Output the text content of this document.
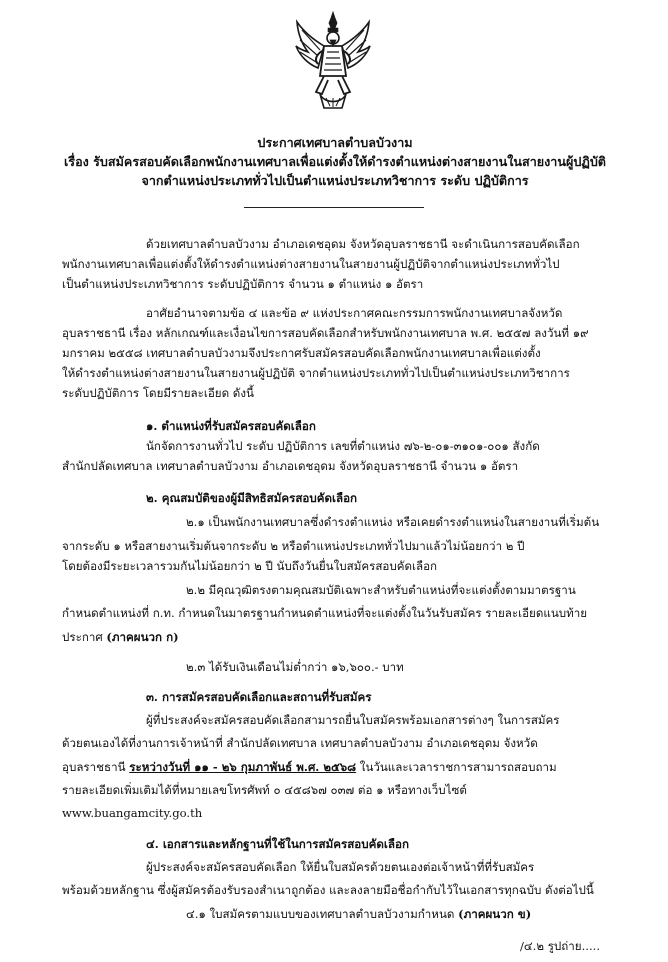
ประกาศเทศบาลตำบลบัวงาม
เรื่อง รับสมัครสอบคัดเลือกพนักงานเทศบาลเพื่อแต่งตั้งให้ดำรงตำแหน่งต่างสายงานในสายงานผู้ปฏิบัติ
จากตำแหน่งประเภททั่วไปเป็นตำแหน่งประเภทวิชาการ ระดับ ปฏิบัติการ
ด้วยเทศบาลตำบลบัวงาม อำเภอเดชอุดม จังหวัดอุบลราชธานี จะดำเนินการสอบคัดเลือก
พนักงานเทศบาลเพื่อแต่งตั้งให้ดำรงตำแหน่งต่างสายงานในสายงานผู้ปฏิบัติจากตำแหน่งประเภททั่วไป
เป็นตำแหน่งประเภทวิชาการ ระดับปฏิบัติการ จำนวน ๑ ตำแหน่ง ๑ อัตรา
อาศัยอำนาจตามข้อ ๔ และข้อ ๙ แห่งประกาศคณะกรรมการพนักงานเทศบาลจังหวัด
อุบลราชธานี เรื่อง หลักเกณฑ์และเงื่อนไขการสอบคัดเลือกสำหรับพนักงานเทศบาล พ.ศ. ๒๕๕๗ ลงวันที่ ๑๙
มกราคม ๒๕๕๘ เทศบาลตำบลบัวงามจึงประกาศรับสมัครสอบคัดเลือกพนักงานเทศบาลเพื่อแต่งตั้ง
ให้ดำรงตำแหน่งต่างสายงานในสายงานผู้ปฏิบัติ จากตำแหน่งประเภททั่วไปเป็นตำแหน่งประเภทวิชาการ
ระดับปฏิบัติการ โดยมีรายละเอียด ดังนี้
๑. ตำแหน่งที่รับสมัครสอบคัดเลือก
นักจัดการงานทั่วไป ระดับ ปฏิบัติการ เลขที่ตำแหน่ง ๗๖-๒-๐๑-๓๑๐๑-๐๐๑ สังกัด
สำนักปลัดเทศบาล เทศบาลตำบลบัวงาม อำเภอเดชอุดม จังหวัดอุบลราชธานี จำนวน ๑ อัตรา
๒. คุณสมบัติของผู้มีสิทธิสมัครสอบคัดเลือก
๒.๑ เป็นพนักงานเทศบาลซึ่งดำรงตำแหน่ง หรือเคยดำรงตำแหน่งในสายงานที่เริ่มต้น
จากระดับ ๑ หรือสายงานเริ่มต้นจากระดับ ๒ หรือตำแหน่งประเภททั่วไปมาแล้วไม่น้อยกว่า ๒ ปี
โดยต้องมีระยะเวลารวมกันไม่น้อยกว่า ๒ ปี นับถึงวันยื่นใบสมัครสอบคัดเลือก
๒.๒ มีคุณวุฒิตรงตามคุณสมบัติเฉพาะสำหรับตำแหน่งที่จะแต่งตั้งตามมาตรฐาน
กำหนดตำแหน่งที่ ก.ท. กำหนดในมาตรฐานกำหนดตำแหน่งที่จะแต่งตั้งในวันรับสมัคร รายละเอียดแนบท้าย
ประกาศ (ภาคผนวก ก)
๒.๓ ได้รับเงินเดือนไม่ต่ำกว่า ๑๖,๖๐๐.- บาท
๓. การสมัครสอบคัดเลือกและสถานที่รับสมัคร
ผู้ที่ประสงค์จะสมัครสอบคัดเลือกสามารถยื่นใบสมัครพร้อมเอกสารต่างๆ ในการสมัคร
ด้วยตนเองได้ที่งานการเจ้าหน้าที่ สำนักปลัดเทศบาล เทศบาลตำบลบัวงาม อำเภอเดชอุดม จังหวัด
อุบลราชธานี ระหว่างวันที่ ๑๑ - ๒๖ กุมภาพันธ์ พ.ศ. ๒๕๖๘ ในวันและเวลาราชการสามารถสอบถาม
รายละเอียดเพิ่มเติมได้ที่หมายเลขโทรศัพท์ ๐ ๔๕๘๖๗ ๐๓๗ ต่อ ๑ หรือทางเว็บไซต์
www.buangamcity.go.th
๔. เอกสารและหลักฐานที่ใช้ในการสมัครสอบคัดเลือก
ผู้ประสงค์จะสมัครสอบคัดเลือก ให้ยื่นใบสมัครด้วยตนเองต่อเจ้าหน้าที่ที่รับสมัคร
พร้อมด้วยหลักฐาน ซึ่งผู้สมัครต้องรับรองสำเนาถูกต้อง และลงลายมือชื่อกำกับไว้ในเอกสารทุกฉบับ ดังต่อไปนี้
๔.๑ ใบสมัครตามแบบของเทศบาลตำบลบัวงามกำหนด (ภาคผนวก ข)
/๔.๒ รูปถ่าย.....
